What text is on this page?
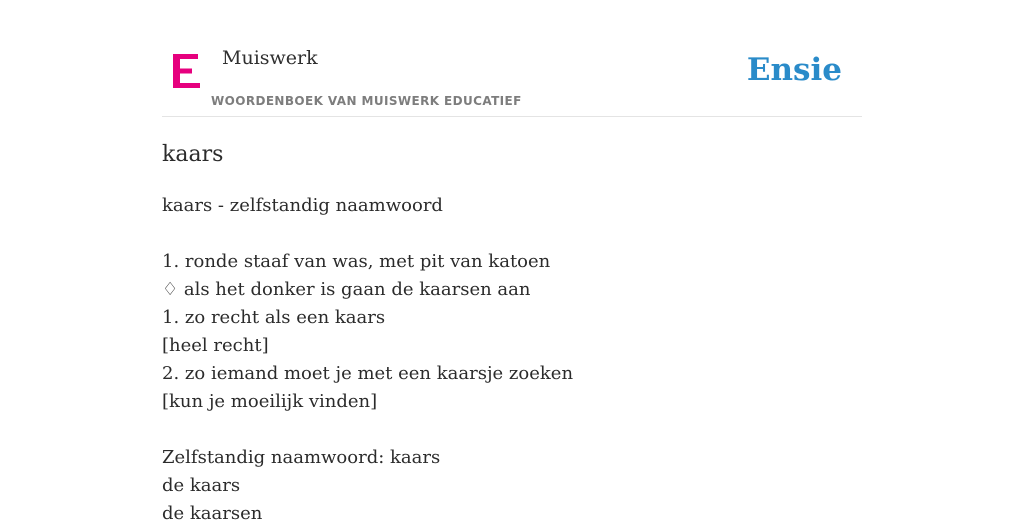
Muiswerk
WOORDENBOEK VAN MUISWERK EDUCATIEF
Ensie
kaars
kaars - zelfstandig naamwoord
1. ronde staaf van was, met pit van katoen
♢ als het donker is gaan de kaarsen aan
1. zo recht als een kaars
[heel recht]
2. zo iemand moet je met een kaarsje zoeken
[kun je moeilijk vinden]
Zelfstandig naamwoord: kaars
de kaars
de kaarsen
